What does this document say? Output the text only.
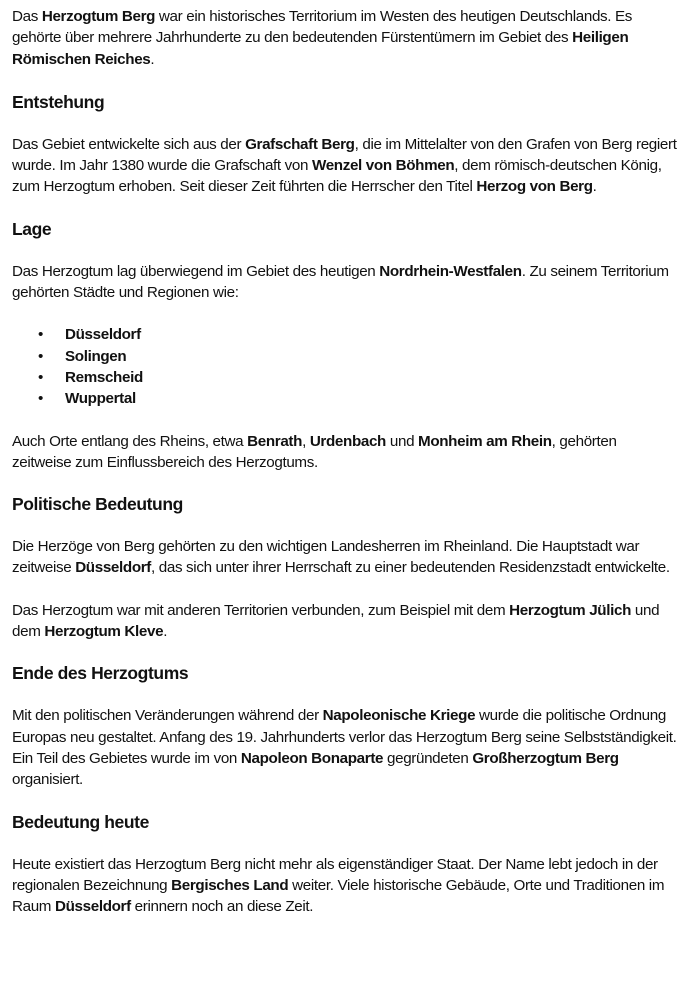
Das Herzogtum Berg war ein historisches Territorium im Westen des heutigen Deutschlands. Es gehörte über mehrere Jahrhunderte zu den bedeutenden Fürstentümern im Gebiet des Heiligen Römischen Reiches.

Entstehung

Das Gebiet entwickelte sich aus der Grafschaft Berg, die im Mittelalter von den Grafen von Berg regiert wurde. Im Jahr 1380 wurde die Grafschaft von Wenzel von Böhmen, dem römisch-deutschen König, zum Herzogtum erhoben. Seit dieser Zeit führten die Herrscher den Titel Herzog von Berg.

Lage

Das Herzogtum lag überwiegend im Gebiet des heutigen Nordrhein-Westfalen. Zu seinem Territorium gehörten Städte und Regionen wie:

• Düsseldorf
• Solingen
• Remscheid
• Wuppertal

Auch Orte entlang des Rheins, etwa Benrath, Urdenbach und Monheim am Rhein, gehörten zeitweise zum Einflussbereich des Herzogtums.

Politische Bedeutung

Die Herzöge von Berg gehörten zu den wichtigen Landesherren im Rheinland. Die Hauptstadt war zeitweise Düsseldorf, das sich unter ihrer Herrschaft zu einer bedeutenden Residenzstadt entwickelte.

Das Herzogtum war mit anderen Territorien verbunden, zum Beispiel mit dem Herzogtum Jülich und dem Herzogtum Kleve.

Ende des Herzogtums

Mit den politischen Veränderungen während der Napoleonische Kriege wurde die politische Ordnung Europas neu gestaltet. Anfang des 19. Jahrhunderts verlor das Herzogtum Berg seine Selbstständigkeit. Ein Teil des Gebietes wurde im von Napoleon Bonaparte gegründeten Großherzogtum Berg organisiert.

Bedeutung heute

Heute existiert das Herzogtum Berg nicht mehr als eigenständiger Staat. Der Name lebt jedoch in der regionalen Bezeichnung Bergisches Land weiter. Viele historische Gebäude, Orte und Traditionen im Raum Düsseldorf erinnern noch an diese Zeit.
